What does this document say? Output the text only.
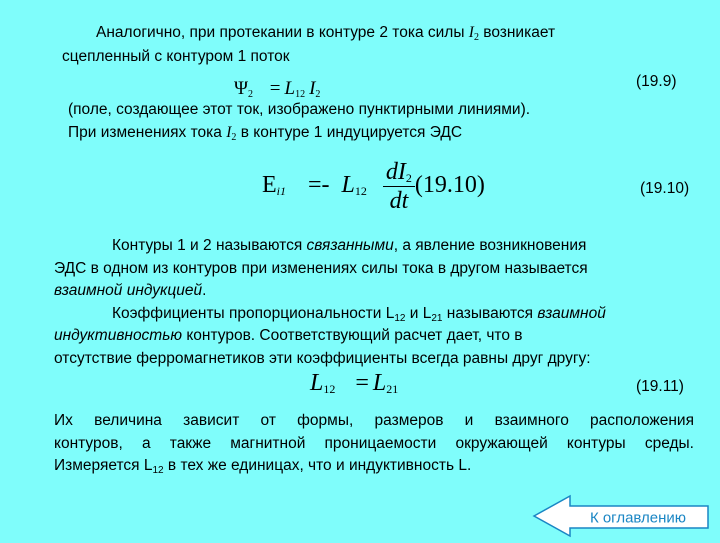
Аналогично, при протекании в контуре 2 тока силы $I_2$ возникает
сцепленный с контуром 1 поток
$\Psi_2 = L_{12}$ $I_2$
(19.9)
(поле, создающее этот ток, изображено пунктирными линиями).
При изменениях тока $I_2$ в контуре 1 индуцируется ЭДС
$E_{i1} =- L_{12} \frac{dI_2}{dt} (19.10)$	(19.10)

Контуры 1 и 2 называются связанными, а явление возникновения

ЭДС в одном из контуров при изменениях силы тока в другом называется

взаимной индукцией.

Коэффициенты пропорциональности $L_{12}$ и $L_{21}$ называются взаимной

индуктивностью контуров. Соответствующий расчет дает, что в

отсутствие ферромагнетиков эти коэффициенты всегда равны друг другу:

$L_{12} = L_{21}$	(19.11)

Их величина зависит от формы, размеров и взаимного расположения

контуров, а также магнитной проницаемости окружающей контуры среды.

Измеряется $L_{12}$ в тех же единицах, что и индуктивность L.

К оглавлению
